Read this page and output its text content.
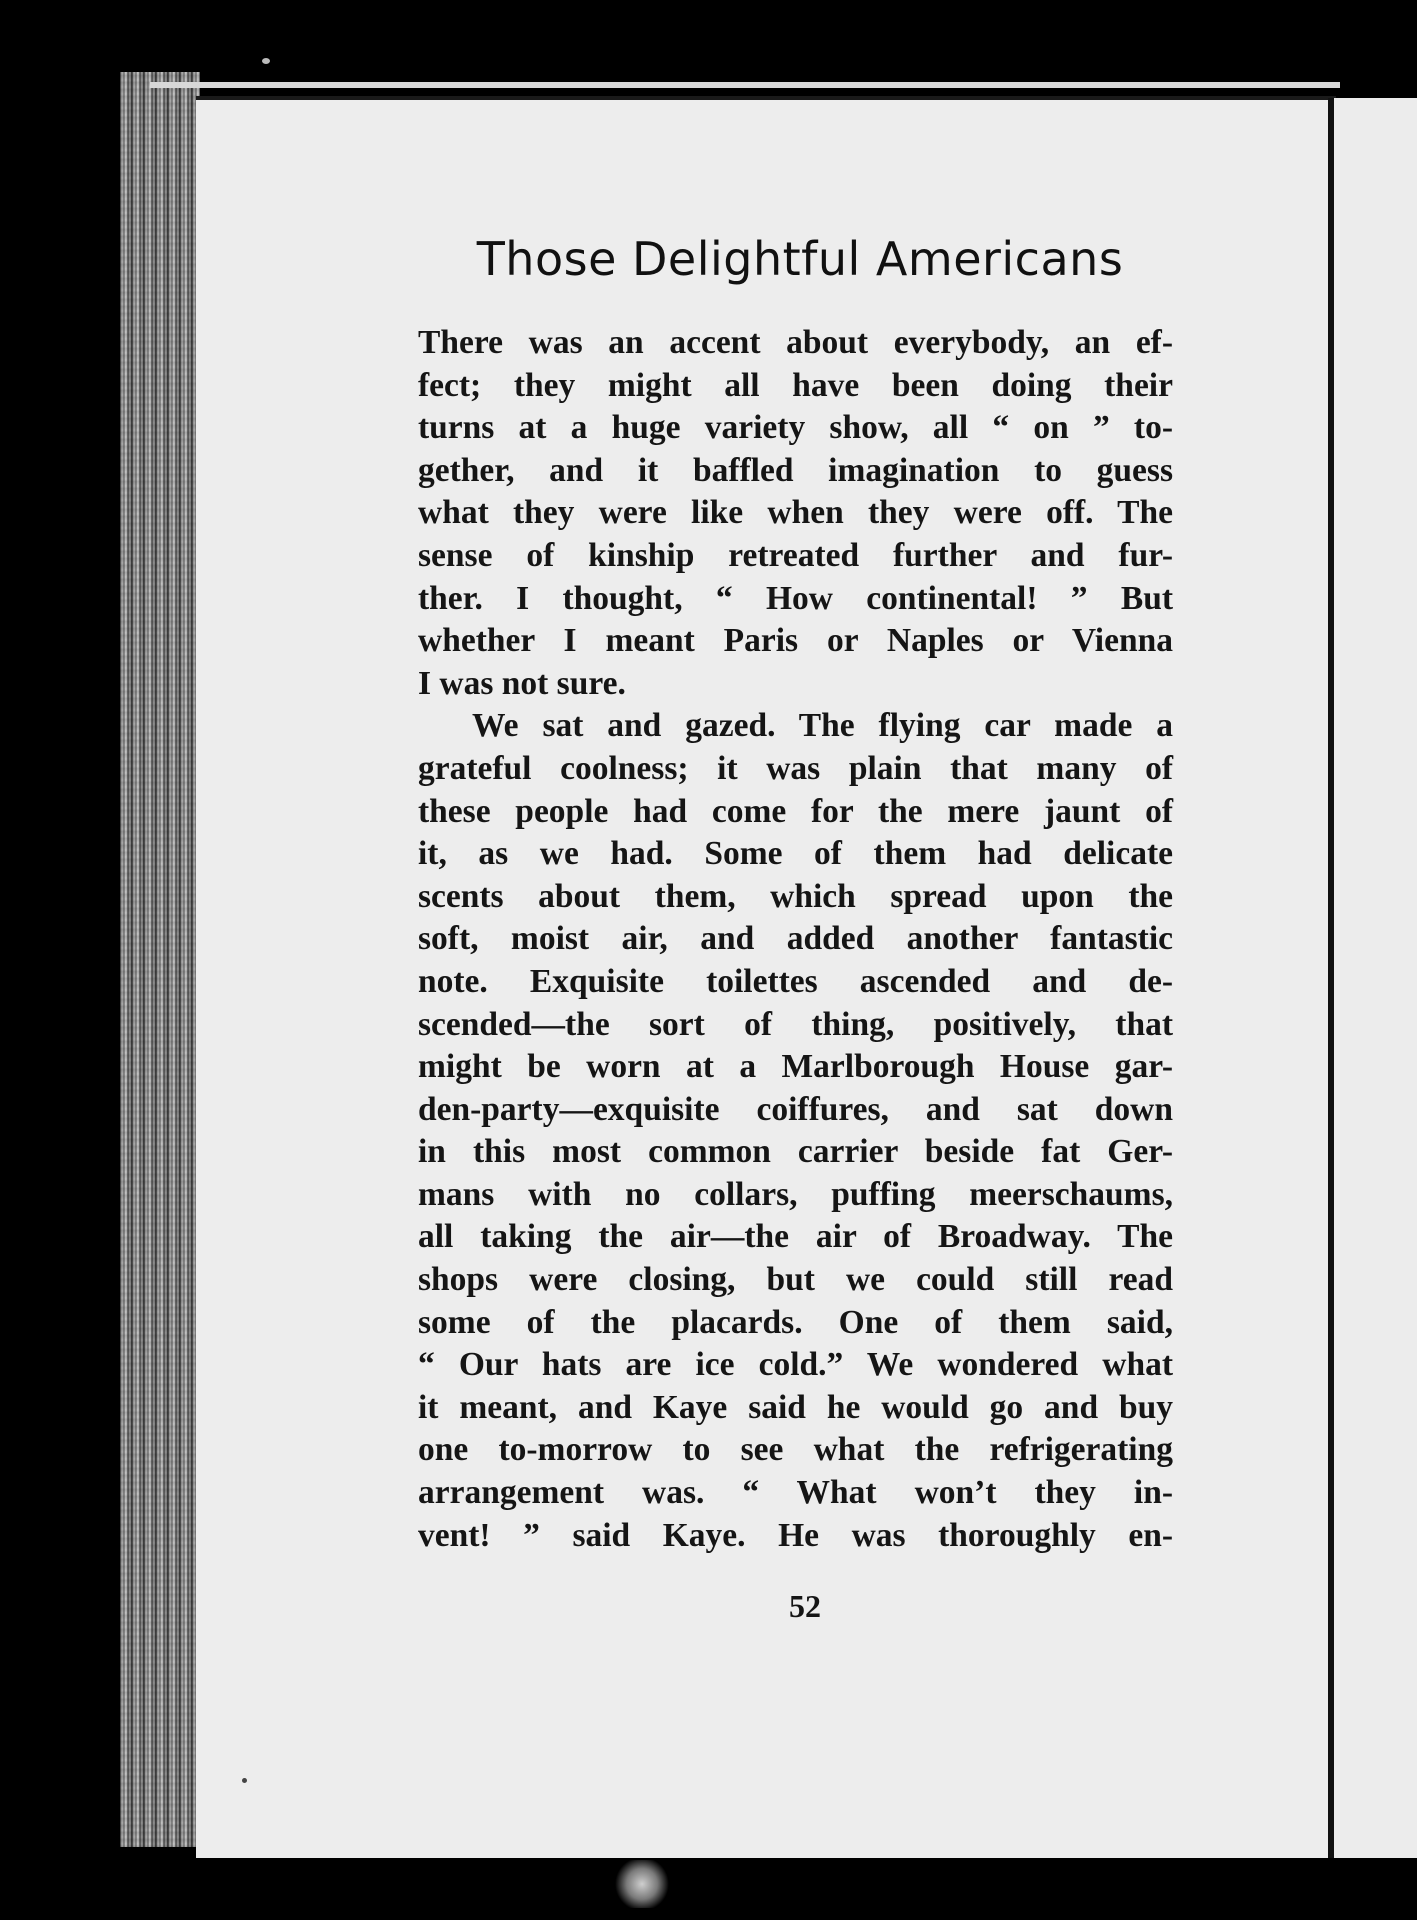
Those Delightful Americans
There was an accent about everybody, an ef-
fect; they might all have been doing their
turns at a huge variety show, all “ on ” to-
gether, and it baffled imagination to guess
what they were like when they were off. The
sense of kinship retreated further and fur-
ther. I thought, “ How continental! ” But
whether I meant Paris or Naples or Vienna
I was not sure.
We sat and gazed. The flying car made a
grateful coolness; it was plain that many of
these people had come for the mere jaunt of
it, as we had. Some of them had delicate
scents about them, which spread upon the
soft, moist air, and added another fantastic
note. Exquisite toilettes ascended and de-
scended—the sort of thing, positively, that
might be worn at a Marlborough House gar-
den-party—exquisite coiffures, and sat down
in this most common carrier beside fat Ger-
mans with no collars, puffing meerschaums,
all taking the air—the air of Broadway. The
shops were closing, but we could still read
some of the placards. One of them said,
“ Our hats are ice cold.” We wondered what
it meant, and Kaye said he would go and buy
one to-morrow to see what the refrigerating
arrangement was. “ What won’t they in-
vent! ” said Kaye. He was thoroughly en-
52
